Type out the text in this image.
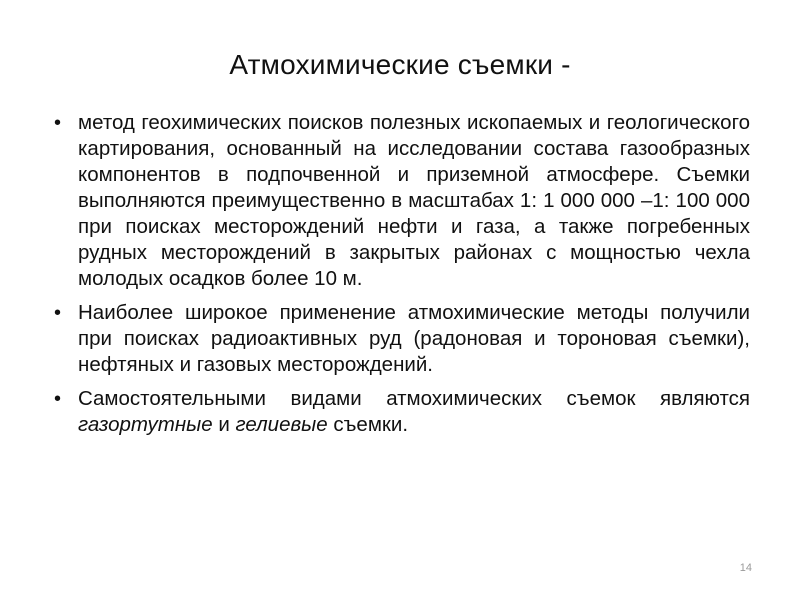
Атмохимические съемки -
• метод геохимических поисков полезных ископаемых и геологического картирования, основанный на исследовании состава газообразных компонентов в подпочвенной и приземной атмосфере. Съемки выполняются преимущественно в масштабах 1: 1 000 000 –1: 100 000 при поисках месторождений нефти и газа, а также погребенных рудных месторождений в закрытых районах с мощностью чехла молодых осадков более 10 м.
• Наиболее широкое применение атмохимические методы получили при поисках радиоактивных руд (радоновая и тороновая съемки), нефтяных и газовых месторождений.
• Самостоятельными видами атмохимических съемок являются газортутные и гелиевые съемки.
14
